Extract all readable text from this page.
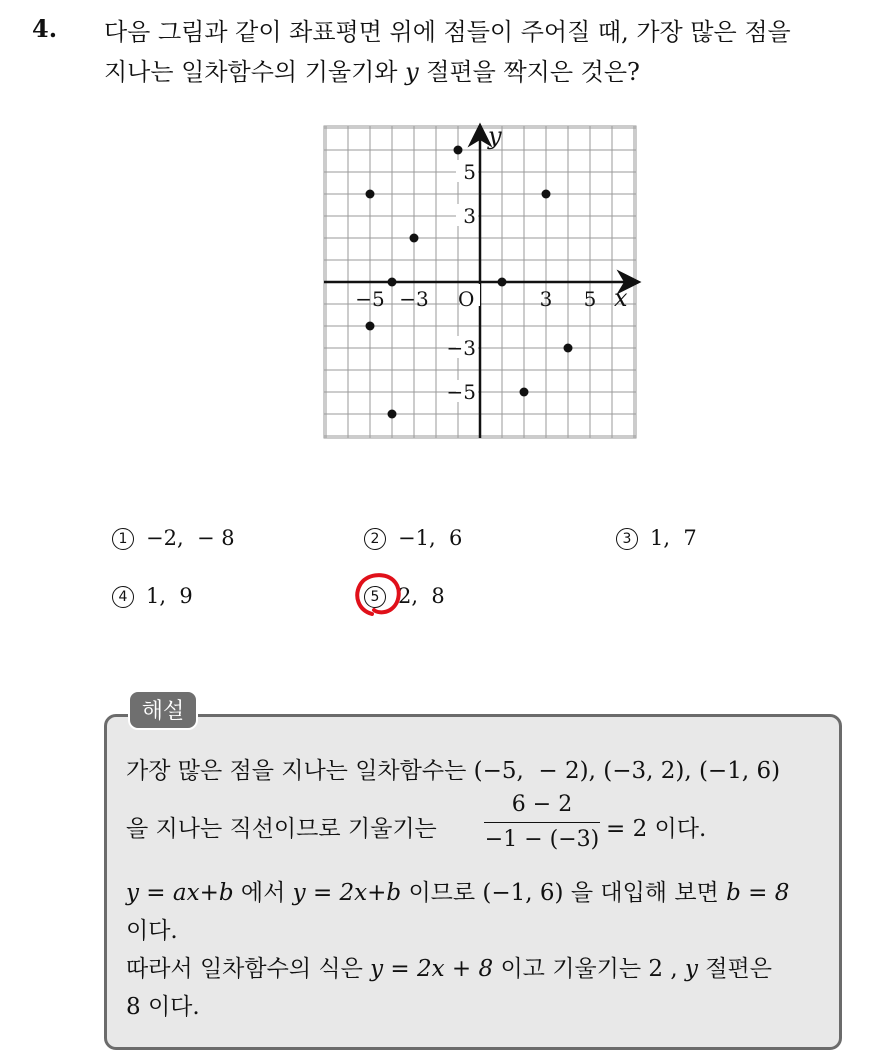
4. 다음 그림과 같이 좌표평면 위에 점들이 주어질 때, 가장 많은 점을
지나는 일차함수의 기울기와 y 절편을 짝지은 것은?
O	x
y
−5 −3	3 5
5
3
−3
−5
1 −2,  − 8	2 −1,  6	3 1,  7
4 1,  9	5 2,  8
해설
가장 많은 점을 지나는 일차함수는 (−5,  − 2), (−3, 2), (−1, 6)
을 지나는 직선이므로 기울기는
6 − 2
−1 − (−3) = 2 이다.
y = ax+b 에서 y = 2x+b 이므로 (−1, 6) 을 대입해 보면 b = 8
이다.
따라서 일차함수의 식은 y = 2x + 8 이고 기울기는 2 , y 절편은
8 이다.
